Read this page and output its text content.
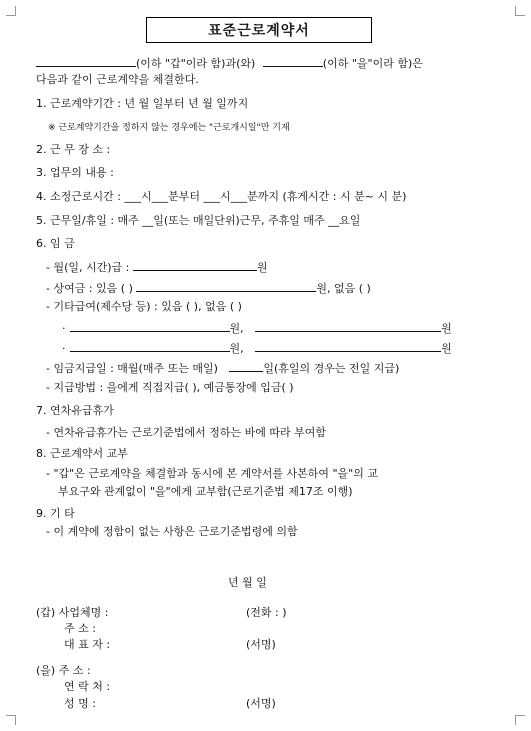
표준근로계약서
(이하 "갑"이라 함)과(와)	(이하 "을"이라 함)은
다음과 같이 근로계약을 체결한다.
1. 근로계약기간 : 년 월 일부터 년 월 일까지
※ 근로계약기간을 정하지 않는 경우에는 "근로개시일"만 기재
2. 근 무 장 소 :
3. 업무의 내용 :
4. 소정근로시간 : ___시___분부터 ___시___분까지 (휴게시간 : 시 분~ 시 분)
5. 근무일/휴일 : 매주 __일(또는 매일단위)근무, 주휴일 매주 __요일
6. 임 금
- 월(일, 시간)급 :	원
- 상여금 : 있음 ( )	원, 없음 ( )
- 기타급여(제수당 등) : 있음 ( ), 없음 ( )
·	원,	원
·	원,	원
- 임금지급일 : 매월(매주 또는 매일)	일(휴일의 경우는 전일 지급)
- 지급방법 : 을에게 직접지급( ), 예금통장에 입금( )
7. 연차유급휴가
- 연차유급휴가는 근로기준법에서 정하는 바에 따라 부여함
8. 근로계약서 교부
- "갑"은 근로계약을 체결함과 동시에 본 계약서를 사본하여 "을"의 교
부요구와 관계없이 "을"에게 교부함(근로기준법 제17조 이행)
9. 기 타
- 이 계약에 정함이 없는 사항은 근로기준법령에 의함
년 월 일
(갑) 사업체명 :	(전화 : )
주 소 :
대 표 자 :	(서명)
(을) 주 소 :
연 락 처 :
성 명 :	(서명)
